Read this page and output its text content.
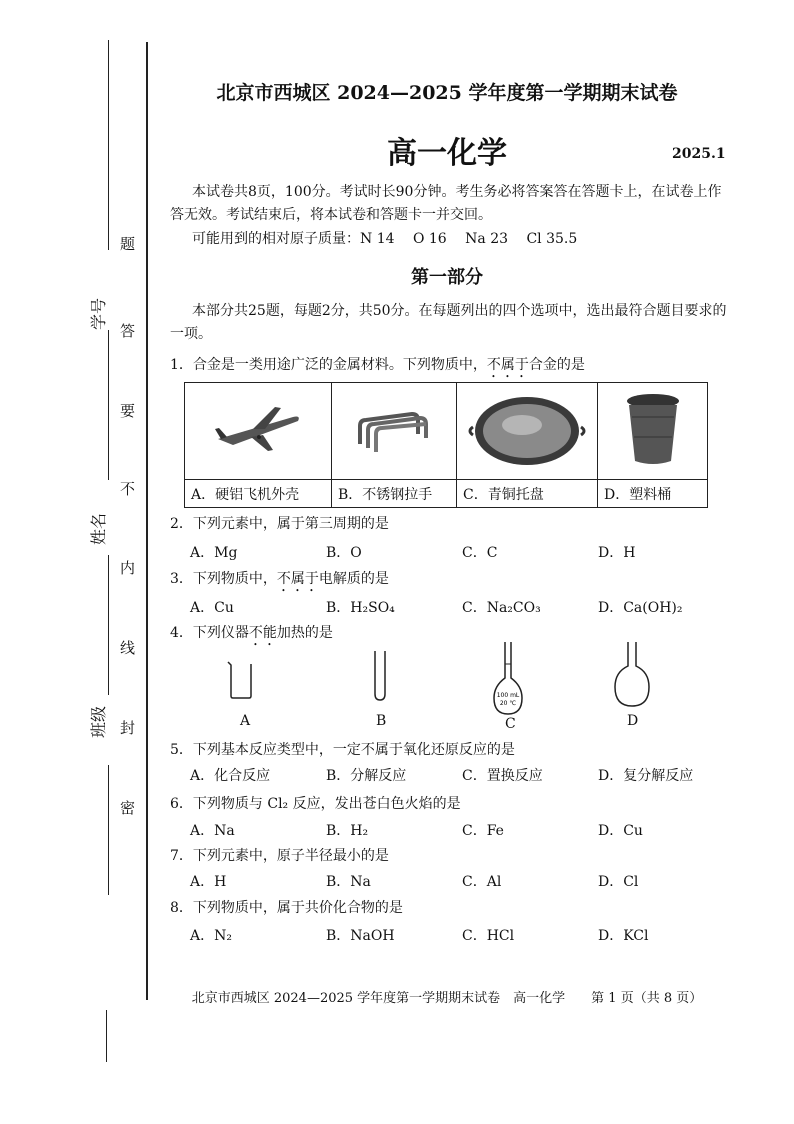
学号
姓名
班级
题
答
要
不
内
线
封
密
北京市西城区 2024—2025 学年度第一学期期末试卷
高一化学	2025.1
本试卷共8页，100分。考试时长90分钟。考生务必将答案答在答题卡上，在试卷上作
答无效。考试结束后，将本试卷和答题卡一并交回。
可能用到的相对原子质量：N 14　 O 16　 Na 23　 Cl 35.5
第一部分
本部分共25题，每题2分，共50分。在每题列出的四个选项中，选出最符合题目要求的
一项。
1．合金是一类用途广泛的金属材料。下列物质中，不属于合金的是

A．硬铝飞机外壳	B．不锈钢拉手	C．青铜托盘	D．塑料桶
2．下列元素中，属于第三周期的是
A．Mg	B．O	C．C	D．H
3．下列物质中，不属于电解质的是
A．Cu	B．H₂SO₄	C．Na₂CO₃	D．Ca(OH)₂
4．下列仪器不能加热的是
100 mL
20 ℃
A	B	C	D
5．下列基本反应类型中，一定不属于氧化还原反应的是
A．化合反应	B．分解反应	C．置换反应	D．复分解反应
6．下列物质与 Cl₂ 反应，发出苍白色火焰的是
A．Na	B．H₂	C．Fe	D．Cu
7．下列元素中，原子半径最小的是
A．H	B．Na	C．Al	D．Cl
8．下列物质中，属于共价化合物的是
A．N₂	B．NaOH	C．HCl	D．KCl
北京市西城区 2024—2025 学年度第一学期期末试卷　高一化学　　第 1 页（共 8 页）
